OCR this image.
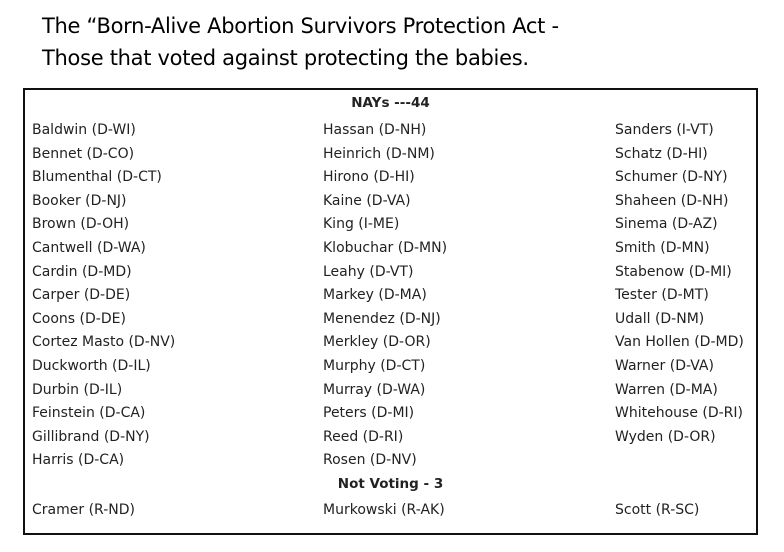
The “Born-Alive Abortion Survivors Protection Act -
Those that voted against protecting the babies.
NAYs ---44
Baldwin (D-WI)
Bennet (D-CO)
Blumenthal (D-CT)
Booker (D-NJ)
Brown (D-OH)
Cantwell (D-WA)
Cardin (D-MD)
Carper (D-DE)
Coons (D-DE)
Cortez Masto (D-NV)
Duckworth (D-IL)
Durbin (D-IL)
Feinstein (D-CA)
Gillibrand (D-NY)
Harris (D-CA)
Hassan (D-NH)
Heinrich (D-NM)
Hirono (D-HI)
Kaine (D-VA)
King (I-ME)
Klobuchar (D-MN)
Leahy (D-VT)
Markey (D-MA)
Menendez (D-NJ)
Merkley (D-OR)
Murphy (D-CT)
Murray (D-WA)
Peters (D-MI)
Reed (D-RI)
Rosen (D-NV)
Sanders (I-VT)
Schatz (D-HI)
Schumer (D-NY)
Shaheen (D-NH)
Sinema (D-AZ)
Smith (D-MN)
Stabenow (D-MI)
Tester (D-MT)
Udall (D-NM)
Van Hollen (D-MD)
Warner (D-VA)
Warren (D-MA)
Whitehouse (D-RI)
Wyden (D-OR)
Not Voting - 3
Cramer (R-ND)	Murkowski (R-AK)	Scott (R-SC)
